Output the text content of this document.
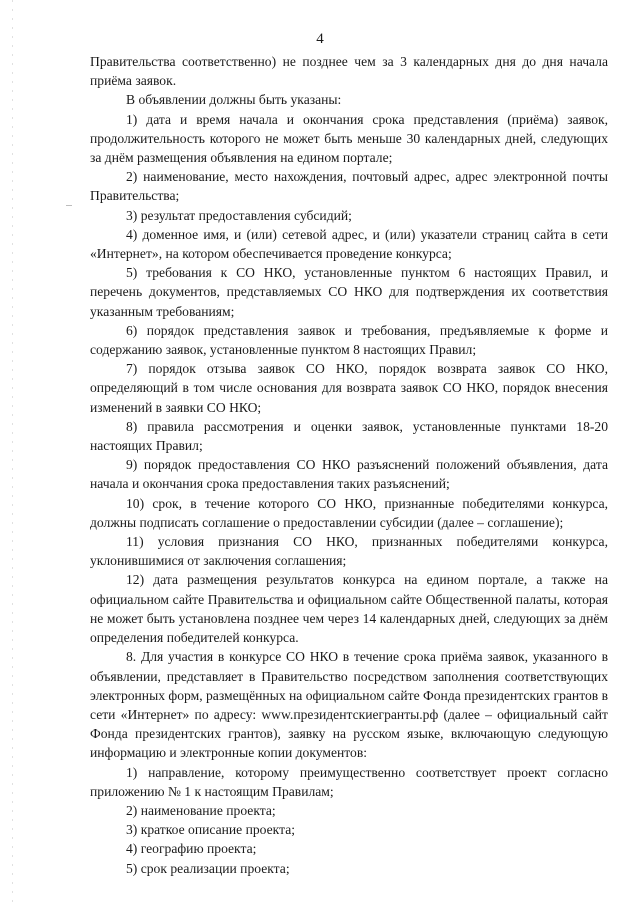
4

Правительства соответственно) не позднее чем за 3 календарных дня до дня начала приёма заявок.

В объявлении должны быть указаны:

1) дата и время начала и окончания срока представления (приёма) заявок, продолжительность которого не может быть меньше 30 календарных дней, следующих за днём размещения объявления на едином портале;

2) наименование, место нахождения, почтовый адрес, адрес электронной почты Правительства;

3) результат предоставления субсидий;

4) доменное имя, и (или) сетевой адрес, и (или) указатели страниц сайта в сети «Интернет», на котором обеспечивается проведение конкурса;

5) требования к СО НКО, установленные пунктом 6 настоящих Правил, и перечень документов, представляемых СО НКО для подтверждения их соответствия указанным требованиям;

6) порядок представления заявок и требования, предъявляемые к форме и содержанию заявок, установленные пунктом 8 настоящих Правил;

7) порядок отзыва заявок СО НКО, порядок возврата заявок СО НКО, определяющий в том числе основания для возврата заявок СО НКО, порядок внесения изменений в заявки СО НКО;

8) правила рассмотрения и оценки заявок, установленные пунктами 18-20 настоящих Правил;

9) порядок предоставления СО НКО разъяснений положений объявления, дата начала и окончания срока предоставления таких разъяснений;

10) срок, в течение которого СО НКО, признанные победителями конкурса, должны подписать соглашение о предоставлении субсидии (далее – соглашение);

11) условия признания СО НКО, признанных победителями конкурса, уклонившимися от заключения соглашения;

12) дата размещения результатов конкурса на едином портале, а также на официальном сайте Правительства и официальном сайте Общественной палаты, которая не может быть установлена позднее чем через 14 календарных дней, следующих за днём определения победителей конкурса.

8. Для участия в конкурсе СО НКО в течение срока приёма заявок, указанного в объявлении, представляет в Правительство посредством заполнения соответствующих электронных форм, размещённых на официальном сайте Фонда президентских грантов в сети «Интернет» по адресу: www.президентскиегранты.рф (далее – официальный сайт Фонда президентских грантов), заявку на русском языке, включающую следующую информацию и электронные копии документов:

1) направление, которому преимущественно соответствует проект согласно приложению № 1 к настоящим Правилам;

2) наименование проекта;

3) краткое описание проекта;

4) географию проекта;

5) срок реализации проекта;
